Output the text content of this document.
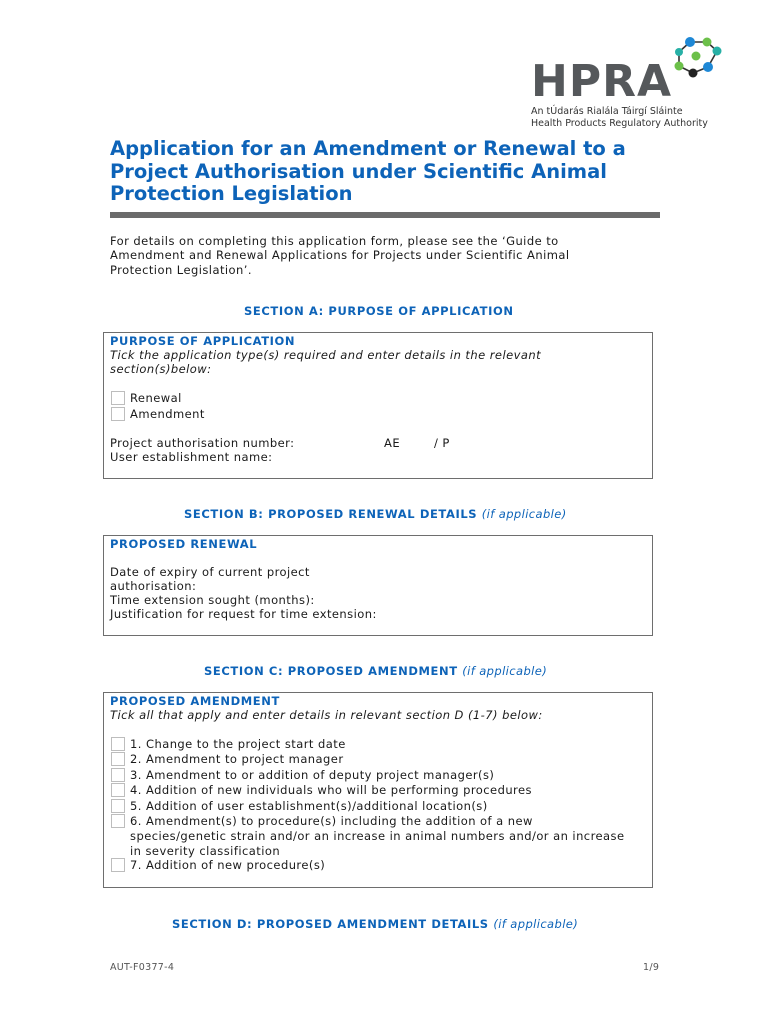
HPRA
An tÚdarás Rialála Táirgí Sláinte
Health Products Regulatory Authority
Application for an Amendment or Renewal to a
Project Authorisation under Scientific Animal
Protection Legislation
For details on completing this application form, please see the ‘Guide to
Amendment and Renewal Applications for Projects under Scientific Animal
Protection Legislation’.
SECTION A: PURPOSE OF APPLICATION
PURPOSE OF APPLICATION
Tick the application type(s) required and enter details in the relevant
section(s)below:
Renewal
Amendment
Project authorisation number:	AE	/ P
User establishment name:
SECTION B: PROPOSED RENEWAL DETAILS (if applicable)
PROPOSED RENEWAL
Date of expiry of current project
authorisation:
Time extension sought (months):
Justification for request for time extension:
SECTION C: PROPOSED AMENDMENT (if applicable)
PROPOSED AMENDMENT
Tick all that apply and enter details in relevant section D (1-7) below:
1. Change to the project start date
2. Amendment to project manager
3. Amendment to or addition of deputy project manager(s)
4. Addition of new individuals who will be performing procedures
5. Addition of user establishment(s)/additional location(s)
6. Amendment(s) to procedure(s) including the addition of a new
species/genetic strain and/or an increase in animal numbers and/or an increase
in severity classification
7. Addition of new procedure(s)
SECTION D: PROPOSED AMENDMENT DETAILS (if applicable)
AUT-F0377-4	1/9
